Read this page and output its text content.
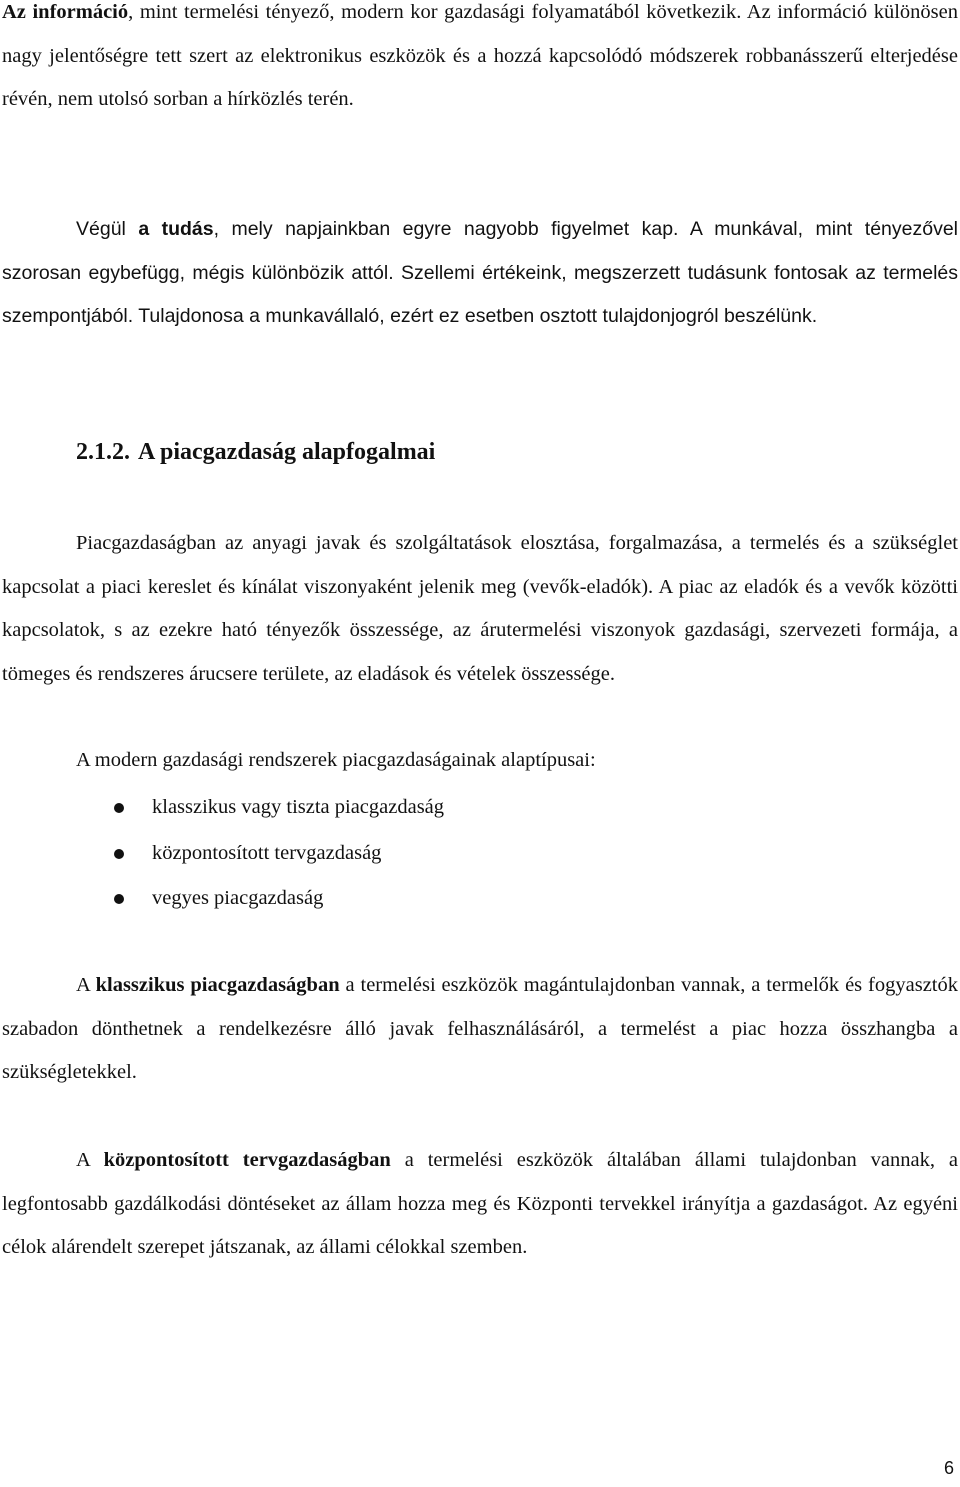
Az információ, mint termelési tényező, modern kor gazdasági folyamatából következik. Az információ különösen nagy jelentőségre tett szert az elektronikus eszközök és a hozzá kapcsolódó módszerek robbanásszerű elterjedése révén, nem utolsó sorban a hírközlés terén.

Végül a tudás, mely napjainkban egyre nagyobb figyelmet kap. A munkával, mint tényezővel szorosan egybefügg, mégis különbözik attól. Szellemi értékeink, megszerzett tudásunk fontosak az termelés szempontjából. Tulajdonosa a munkavállaló, ezért ez esetben osztott tulajdonjogról beszélünk.

2.1.2. A piacgazdaság alapfogalmai

Piacgazdaságban az anyagi javak és szolgáltatások elosztása, forgalmazása, a termelés és a szükséglet kapcsolat a piaci kereslet és kínálat viszonyaként jelenik meg (vevők-eladók). A piac az eladók és a vevők közötti kapcsolatok, s az ezekre ható tényezők összessége, az árutermelési viszonyok gazdasági, szervezeti formája, a tömeges és rendszeres árucsere területe, az eladások és vételek összessége.

A modern gazdasági rendszerek piacgazdaságainak alaptípusai:

klasszikus vagy tiszta piacgazdaság
központosított tervgazdaság
vegyes piacgazdaság

A klasszikus piacgazdaságban a termelési eszközök magántulajdonban vannak, a termelők és fogyasztók szabadon dönthetnek a rendelkezésre álló javak felhasználásáról, a termelést a piac hozza összhangba a szükségletekkel.

A központosított tervgazdaságban a termelési eszközök általában állami tulajdonban vannak, a legfontosabb gazdálkodási döntéseket az állam hozza meg és Központi tervekkel irányítja a gazdaságot. Az egyéni célok alárendelt szerepet játszanak, az állami célokkal szemben.

6
